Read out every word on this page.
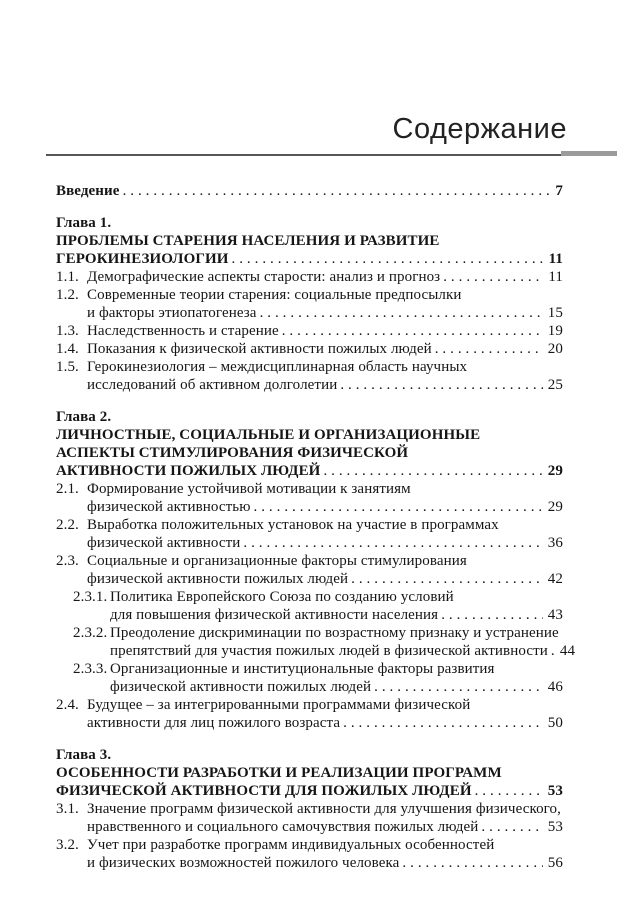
Содержание
Введение . . .	7
Глава 1.
ПРОБЛЕМЫ СТАРЕНИЯ НАСЕЛЕНИЯ И РАЗВИТИЕ
ГЕРОКИНЕЗИОЛОГИИ . . .	11
1.1. Демографические аспекты старости: анализ и прогноз . . .	11
1.2. Современные теории старения: социальные предпосылки
и факторы этиопатогенеза . . .	15
1.3. Наследственность и старение . . .	19
1.4. Показания к физической активности пожилых людей . . .	20
1.5. Герокинезиология – междисциплинарная область научных
исследований об активном долголетии . . .	25
Глава 2.
ЛИЧНОСТНЫЕ, СОЦИАЛЬНЫЕ И ОРГАНИЗАЦИОННЫЕ
АСПЕКТЫ СТИМУЛИРОВАНИЯ ФИЗИЧЕСКОЙ
АКТИВНОСТИ ПОЖИЛЫХ ЛЮДЕЙ . . .	29
2.1. Формирование устойчивой мотивации к занятиям
физической активностью . . .	29
2.2. Выработка положительных установок на участие в программах
физической активности . . .	36
2.3. Социальные и организационные факторы стимулирования
физической активности пожилых людей . . .	42
2.3.1. Политика Европейского Союза по созданию условий
для повышения физической активности населения . . .	43
2.3.2. Преодоление дискриминации по возрастному признаку и устранение
препятствий для участия пожилых людей в физической активности . . . 44
2.3.3. Организационные и институциональные факторы развития
физической активности пожилых людей . . .	46
2.4. Будущее – за интегрированными программами физической
активности для лиц пожилого возраста . . .	50
Глава 3.
ОСОБЕННОСТИ РАЗРАБОТКИ И РЕАЛИЗАЦИИ ПРОГРАММ
ФИЗИЧЕСКОЙ АКТИВНОСТИ ДЛЯ ПОЖИЛЫХ ЛЮДЕЙ . . .	53
3.1. Значение программ физической активности для улучшения физического,
нравственного и социального самочувствия пожилых людей . . .	53
3.2. Учет при разработке программ индивидуальных особенностей
и физических возможностей пожилого человека . . .	56
